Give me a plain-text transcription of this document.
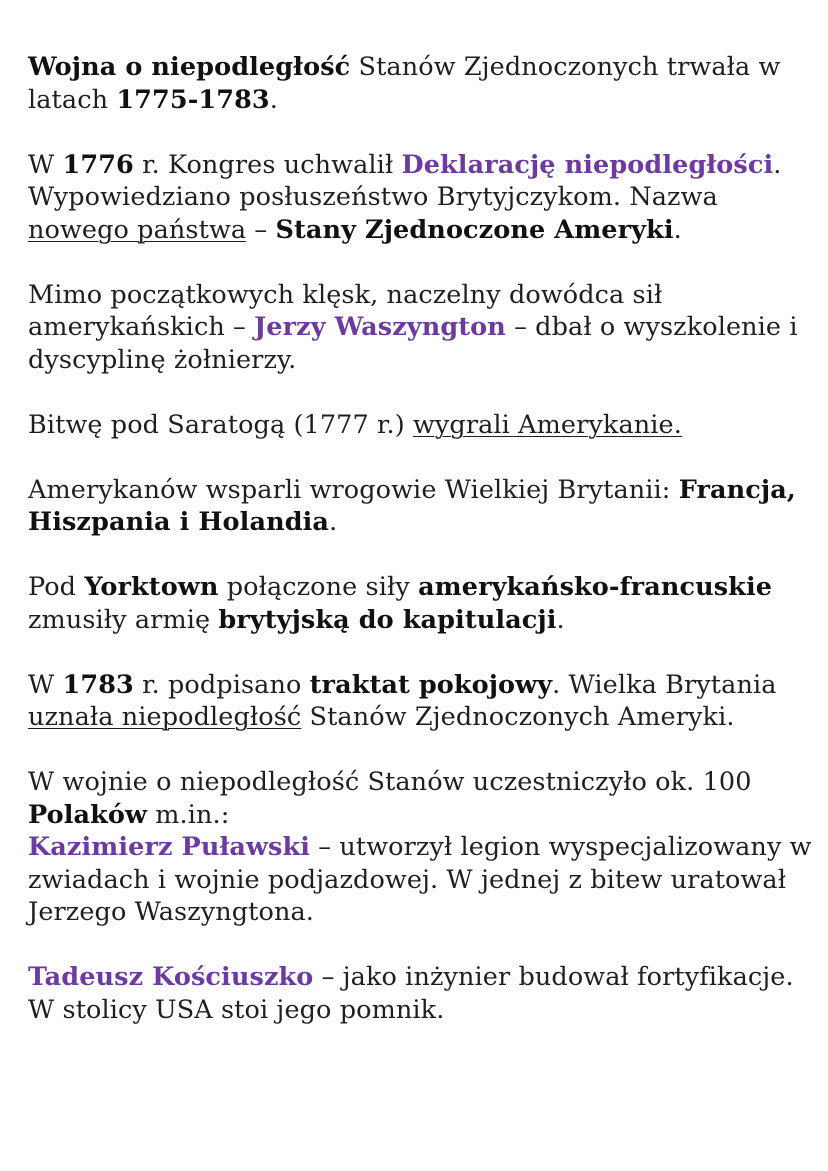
Wojna o niepodległość Stanów Zjednoczonych trwała w latach 1775-1783.

W 1776 r. Kongres uchwalił Deklarację niepodległości. Wypowiedziano posłuszeństwo Brytyjczykom. Nazwa nowego państwa – Stany Zjednoczone Ameryki.

Mimo początkowych klęsk, naczelny dowódca sił amerykańskich – Jerzy Waszyngton – dbał o wyszkolenie i dyscyplinę żołnierzy.

Bitwę pod Saratogą (1777 r.) wygrali Amerykanie.

Amerykanów wsparli wrogowie Wielkiej Brytanii: Francja, Hiszpania i Holandia.

Pod Yorktown połączone siły amerykańsko-francuskie zmusiły armię brytyjską do kapitulacji.

W 1783 r. podpisano traktat pokojowy. Wielka Brytania uznała niepodległość Stanów Zjednoczonych Ameryki.

W wojnie o niepodległość Stanów uczestniczyło ok. 100 Polaków m.in.:
Kazimierz Puławski – utworzył legion wyspecjalizowany w zwiadach i wojnie podjazdowej. W jednej z bitew uratował Jerzego Waszyngtona.

Tadeusz Kościuszko – jako inżynier budował fortyfikacje. W stolicy USA stoi jego pomnik.
